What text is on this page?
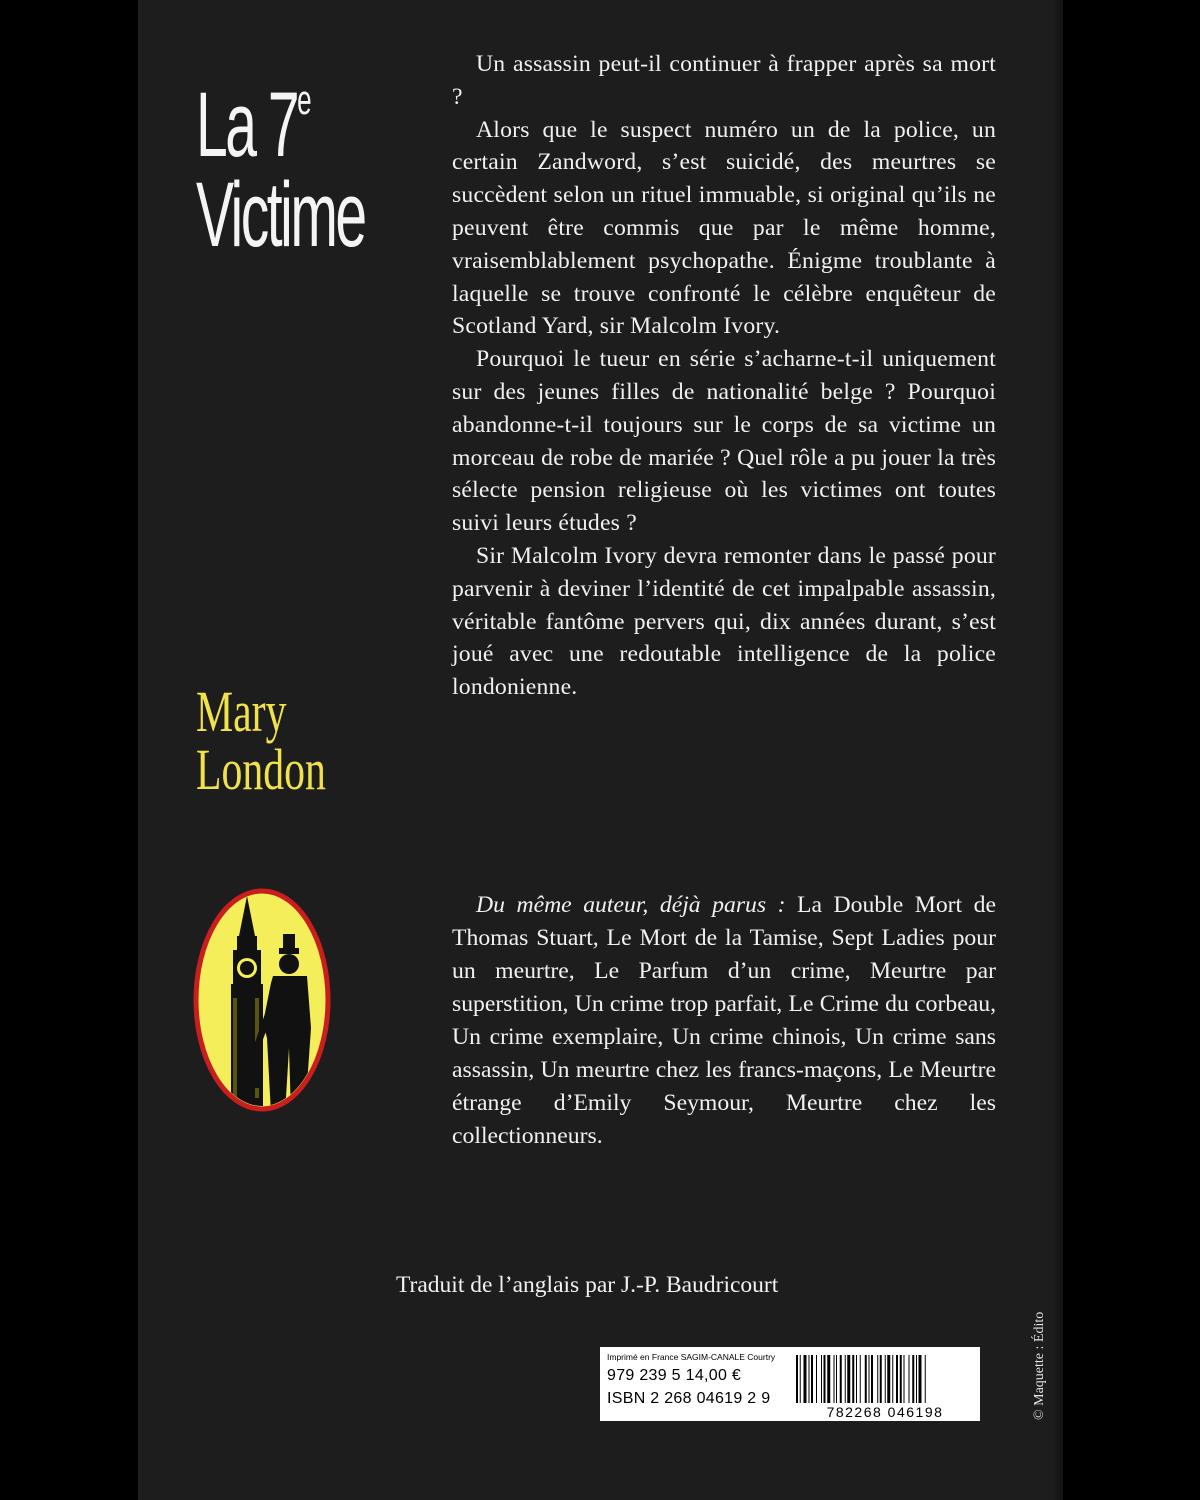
La 7e
Victime
Mary
London

Un assassin peut-il continuer à frapper après sa mort ?

Alors que le suspect numéro un de la police, un certain Zandword, s’est suicidé, des meurtres se succèdent selon un rituel immuable, si original qu’ils ne peuvent être commis que par le même homme, vraisemblablement psychopathe. Énigme troublante à laquelle se trouve confronté le célèbre enquêteur de Scotland Yard, sir Malcolm Ivory.

Pourquoi le tueur en série s’acharne-t-il uniquement sur des jeunes filles de nationalité belge ? Pourquoi abandonne-t-il toujours sur le corps de sa victime un morceau de robe de mariée ? Quel rôle a pu jouer la très sélecte pension religieuse où les victimes ont toutes suivi leurs études ?

Sir Malcolm Ivory devra remonter dans le passé pour parvenir à deviner l’identité de cet impalpable assassin, véritable fantôme pervers qui, dix années durant, s’est joué avec une redoutable intelligence de la police londonienne.

Du même auteur, déjà parus : La Double Mort de Thomas Stuart, Le Mort de la Tamise, Sept Ladies pour un meurtre, Le Parfum d’un crime, Meurtre par superstition, Un crime trop parfait, Le Crime du corbeau, Un crime exemplaire, Un crime chinois, Un crime sans assassin, Un meurtre chez les francs-maçons, Le Meurtre étrange d’Emily Seymour, Meurtre chez les collectionneurs.

Traduit de l’anglais par J.-P. Baudricourt
© Maquette : Édito
Imprimé en France SAGIM-CANALE Courtry
979 239 5 14,00 €
ISBN 2 268 04619 2 9
782268 046198
